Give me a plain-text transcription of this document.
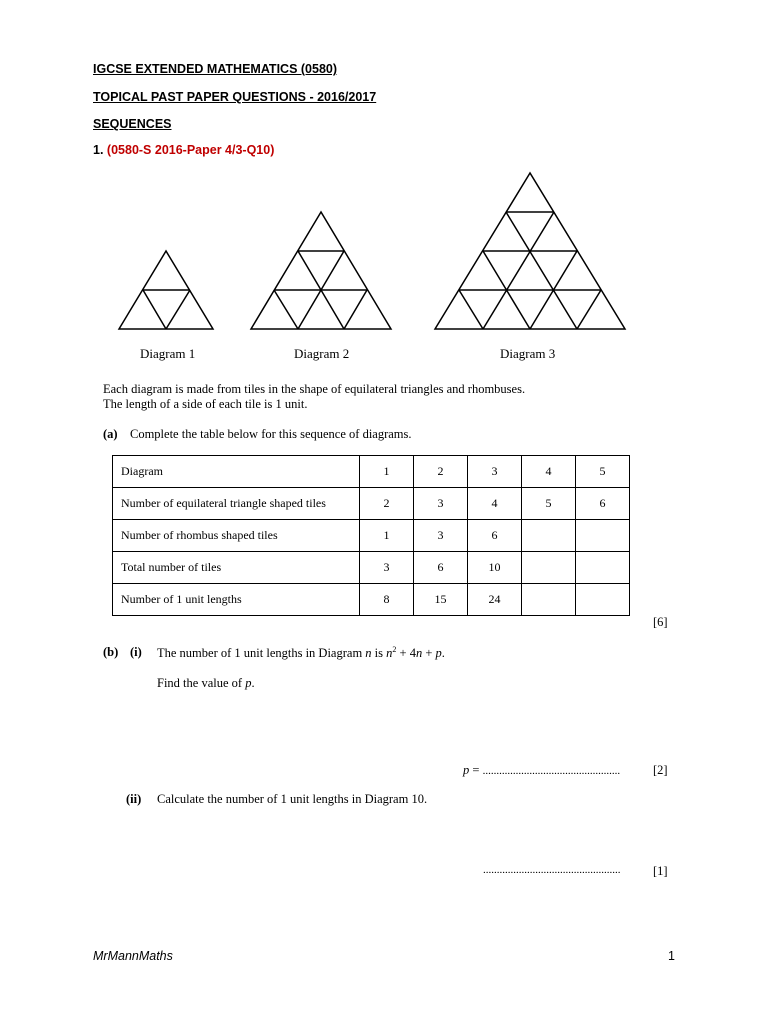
IGCSE EXTENDED MATHEMATICS (0580)
TOPICAL PAST PAPER QUESTIONS - 2016/2017
SEQUENCES
1. (0580-S 2016-Paper 4/3-Q10)
Diagram 1	Diagram 2	Diagram 3
Each diagram is made from tiles in the shape of equilateral triangles and rhombuses.
The length of a side of each tile is 1 unit.
(a) Complete the table below for this sequence of diagrams.
Diagram	1	2	3	4	5
Number of equilateral triangle shaped tiles	2	3	4	5	6
Number of rhombus shaped tiles	1	3	6		
Total number of tiles	3	6	10		
Number of 1 unit lengths	8	15	24		
[6]
(b) (i) The number of 1 unit lengths in Diagram n is $n^2 + 4n + p$.
Find the value of p.
p = ..................................................	[2]
(ii) Calculate the number of 1 unit lengths in Diagram 10.
..................................................	[1]
MrMannMaths	1
